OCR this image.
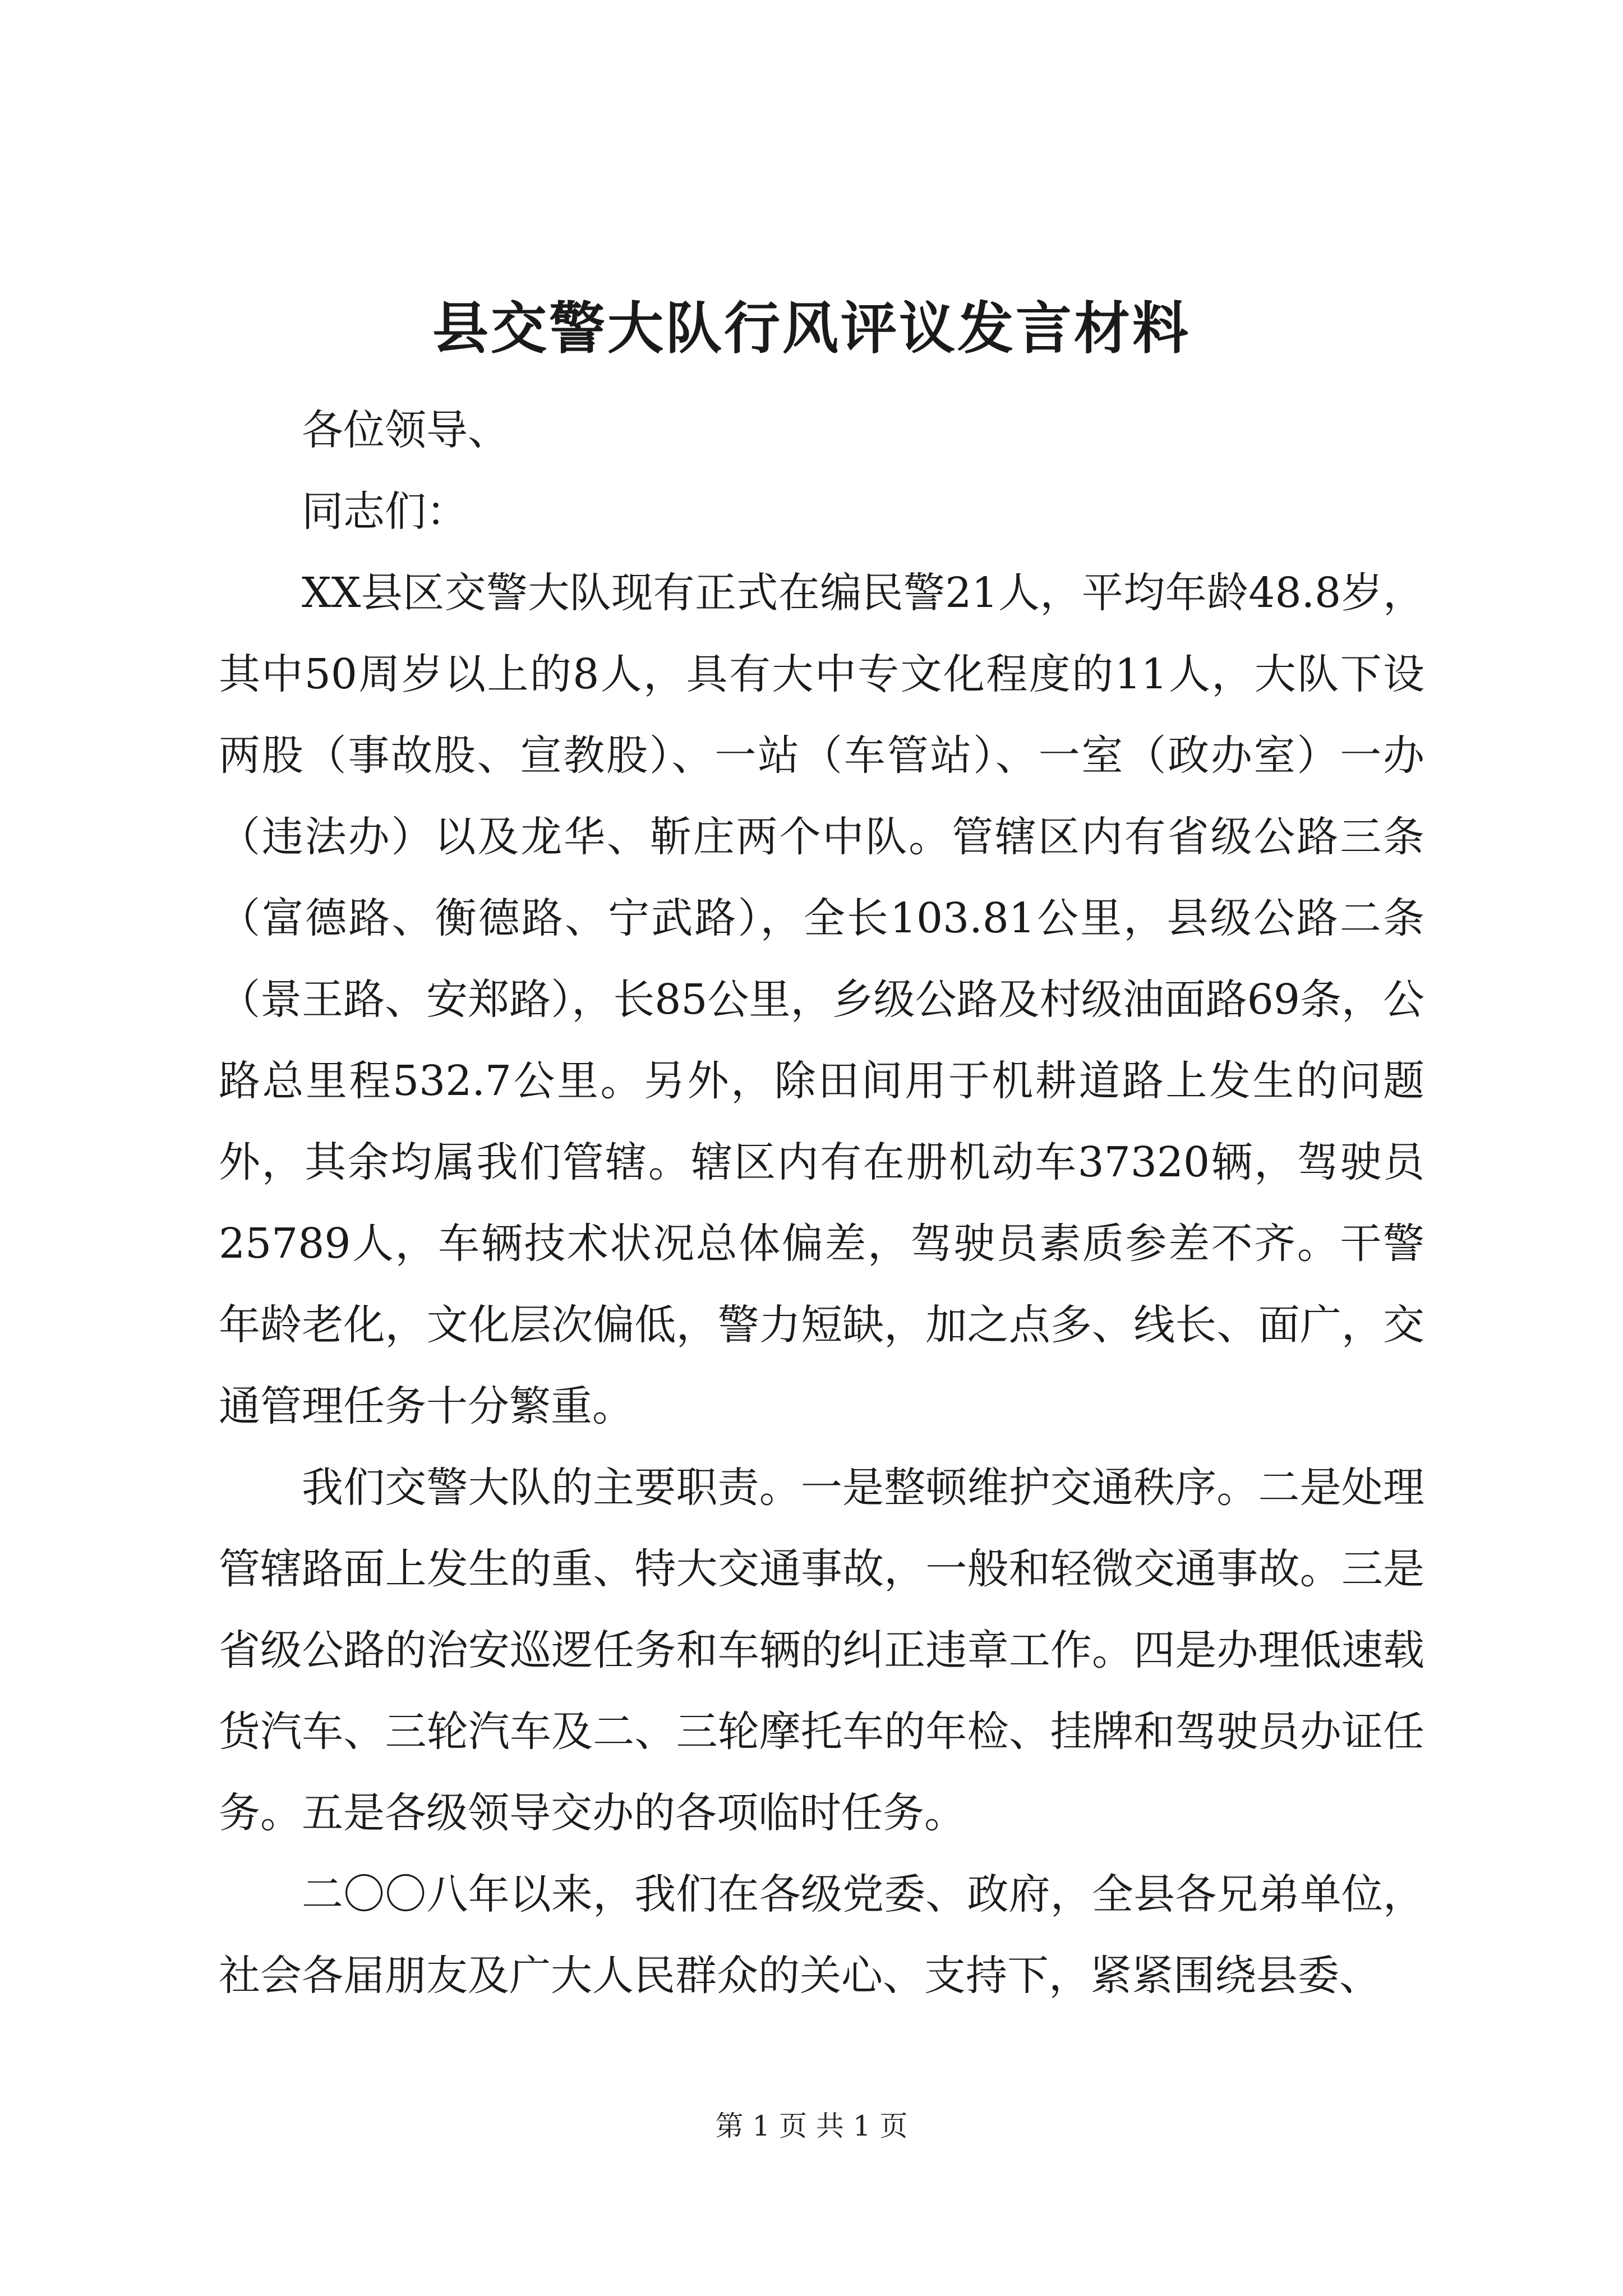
县交警大队行风评议发言材料

各位领导、

同志们：

XX县区交警大队现有正式在编民警21人，平均年龄48.8岁，其中50周岁以上的8人，具有大中专文化程度的11人，大队下设两股（事故股、宣教股）、一站（车管站）、一室（政办室）一办（违法办）以及龙华、靳庄两个中队。管辖区内有省级公路三条（富德路、衡德路、宁武路），全长103.81公里，县级公路二条（景王路、安郑路），长85公里，乡级公路及村级油面路69条，公路总里程532.7公里。另外，除田间用于机耕道路上发生的问题外，其余均属我们管辖。辖区内有在册机动车37320辆，驾驶员25789人，车辆技术状况总体偏差，驾驶员素质参差不齐。干警年龄老化，文化层次偏低，警力短缺，加之点多、线长、面广，交通管理任务十分繁重。

我们交警大队的主要职责。一是整顿维护交通秩序。二是处理管辖路面上发生的重、特大交通事故，一般和轻微交通事故。三是省级公路的治安巡逻任务和车辆的纠正违章工作。四是办理低速载货汽车、三轮汽车及二、三轮摩托车的年检、挂牌和驾驶员办证任务。五是各级领导交办的各项临时任务。

二〇〇八年以来，我们在各级党委、政府，全县各兄弟单位，社会各届朋友及广大人民群众的关心、支持下，紧紧围绕县委、

第 1 页 共 1 页
